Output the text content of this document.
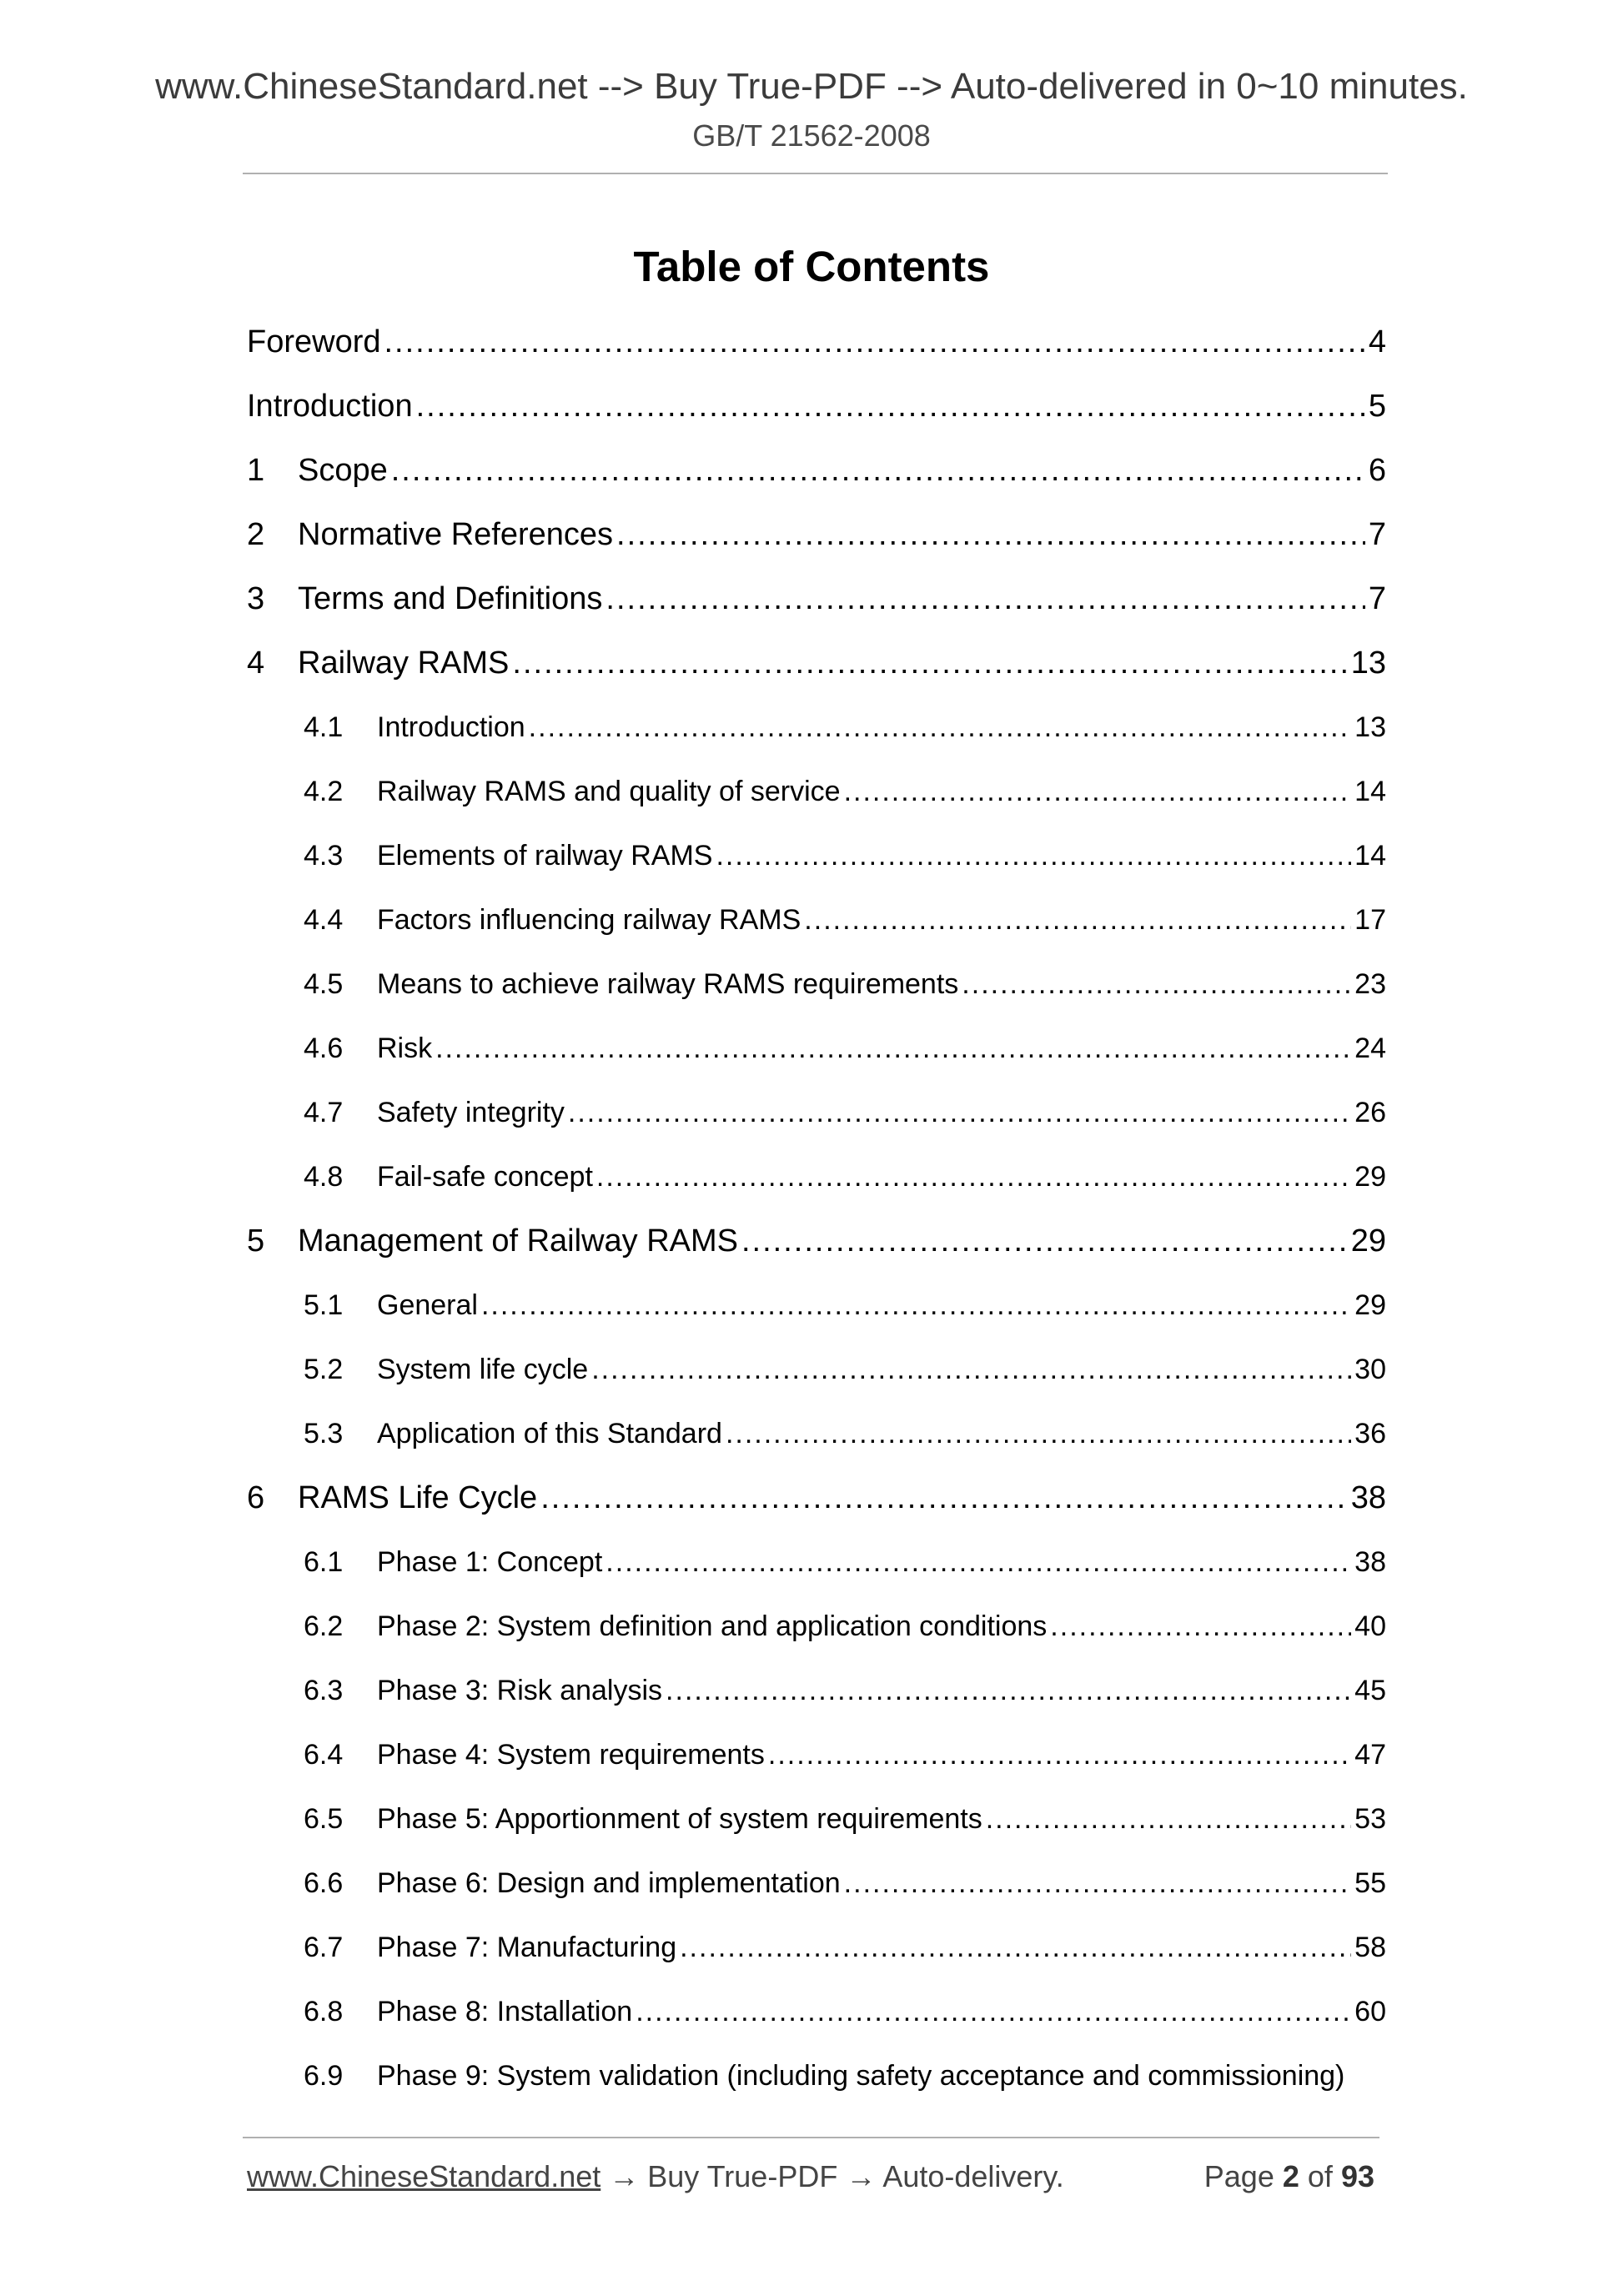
www.ChineseStandard.net --> Buy True-PDF --> Auto-delivered in 0~10 minutes.
GB/T 21562-2008
Table of Contents
Foreword .....	4
Introduction .....	5
1	Scope .....	6
2	Normative References .....	7
3	Terms and Definitions .....	7
4	Railway RAMS .....	13
4.1	Introduction .....	13
4.2	Railway RAMS and quality of service .....	14
4.3	Elements of railway RAMS .....	14
4.4	Factors influencing railway RAMS .....	17
4.5	Means to achieve railway RAMS requirements .....	23
4.6	Risk .....	24
4.7	Safety integrity .....	26
4.8	Fail-safe concept .....	29
5	Management of Railway RAMS .....	29
5.1	General .....	29
5.2	System life cycle .....	30
5.3	Application of this Standard .....	36
6	RAMS Life Cycle .....	38
6.1	Phase 1: Concept .....	38
6.2	Phase 2: System definition and application conditions .....	40
6.3	Phase 3: Risk analysis .....	45
6.4	Phase 4: System requirements .....	47
6.5	Phase 5: Apportionment of system requirements .....	53
6.6	Phase 6: Design and implementation .....	55
6.7	Phase 7: Manufacturing .....	58
6.8	Phase 8: Installation .....	60
6.9	Phase 9: System validation (including safety acceptance and commissioning)
www.ChineseStandard.net → Buy True-PDF → Auto-delivery.	Page 2 of 93
